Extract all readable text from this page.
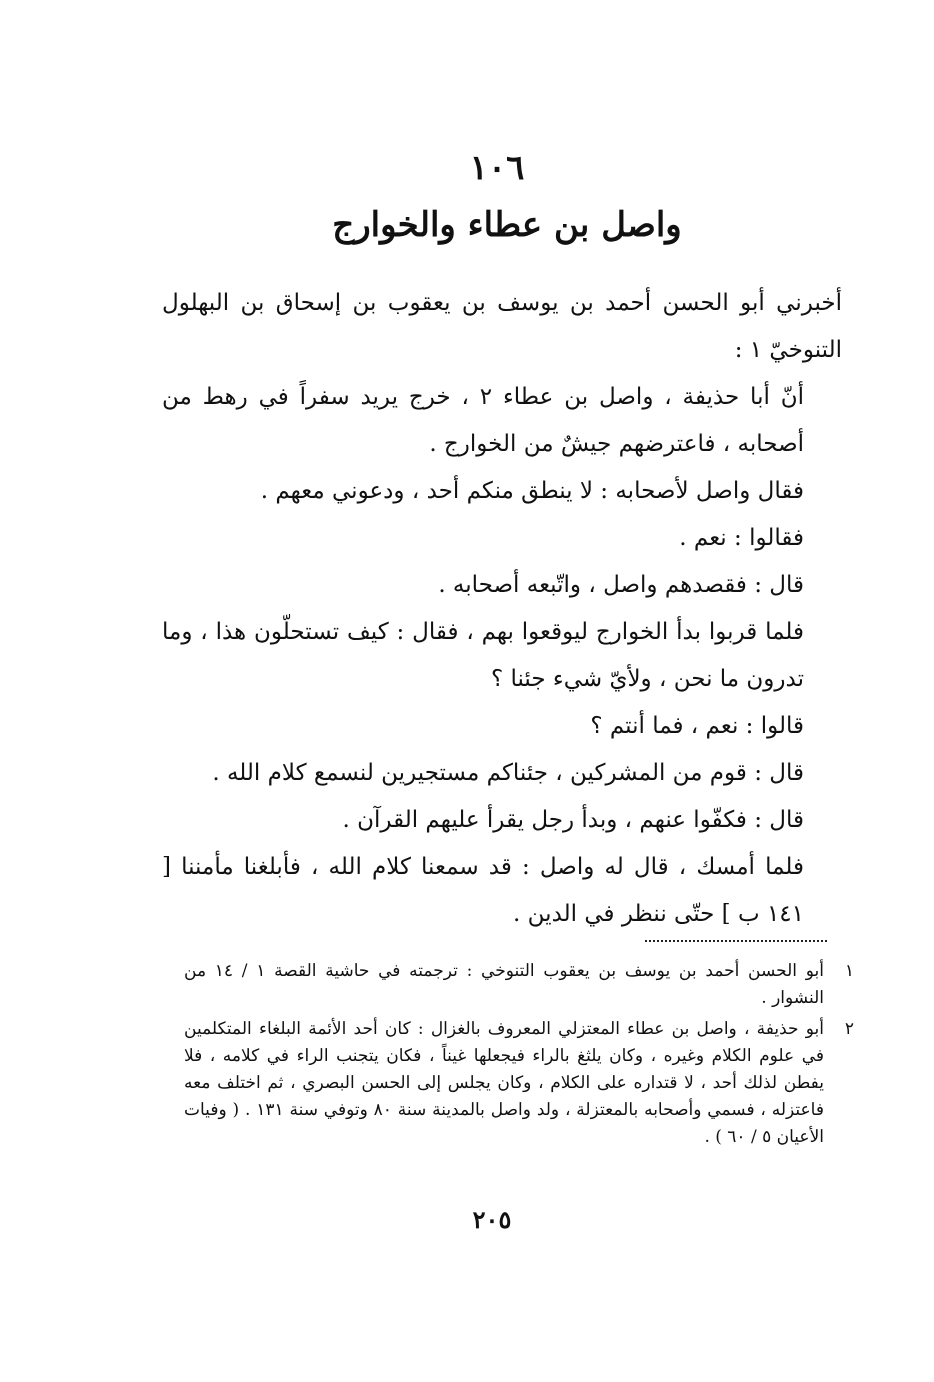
١٠٦
واصل بن عطاء والخوارج

أخبرني أبو الحسن أحمد بن يوسف بن يعقوب بن إسحاق بن البهلول التنوخيّ ١ :

أنّ أبا حذيفة ، واصل بن عطاء ٢ ، خرج يريد سفراً في رهط من أصحابه ، فاعترضهم جيشٌ من الخوارج .

فقال واصل لأصحابه : لا ينطق منكم أحد ، ودعوني معهم .

فقالوا : نعم .

قال : فقصدهم واصل ، واتّبعه أصحابه .

فلما قربوا بدأ الخوارج ليوقعوا بهم ، فقال : كيف تستحلّون هذا ، وما تدرون ما نحن ، ولأيّ شيء جئنا ؟

قالوا : نعم ، فما أنتم ؟

قال : قوم من المشركين ، جئناكم مستجيرين لنسمع كلام الله .

قال : فكفّوا عنهم ، وبدأ رجل يقرأ عليهم القرآن .

فلما أمسك ، قال له واصل : قد سمعنا كلام الله ، فأبلغنا مأمننا [ ١٤١ ب ] حتّى ننظر في الدين .

١
أبو الحسن أحمد بن يوسف بن يعقوب التنوخي : ترجمته في حاشية القصة ١ / ١٤ من النشوار .
٢
أبو حذيفة ، واصل بن عطاء المعتزلي المعروف بالغزال : كان أحد الأئمة البلغاء المتكلمين في علوم الكلام وغيره ، وكان يلثغ بالراء فيجعلها غيناً ، فكان يتجنب الراء في كلامه ، فلا يفطن لذلك أحد ، لا قتداره على الكلام ، وكان يجلس إلى الحسن البصري ، ثم اختلف معه فاعتزله ، فسمي وأصحابه بالمعتزلة ، ولد واصل بالمدينة سنة ٨٠ وتوفي سنة ١٣١ . ( وفيات الأعيان ٥ / ٦٠ ) .
٢٠٥
